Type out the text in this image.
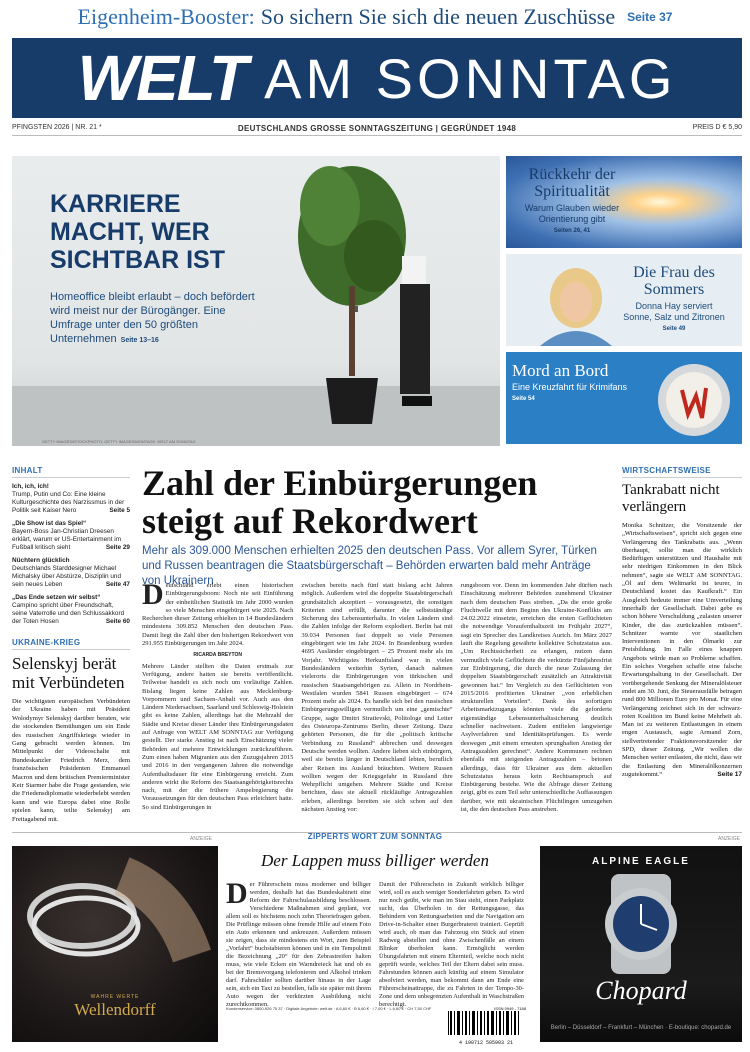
Eigenheim-Booster: So sichern Sie sich die neuen Zuschüsse Seite 37
WELT AM SONNTAG
PFINGSTEN 2026 | NR. 21 *	DEUTSCHLANDS GROSSE SONNTAGSZEITUNG | GEGRÜNDET 1948	PREIS D € 5,90
KARRIERE MACHT, WER SICHTBAR IST

Homeoffice bleibt erlaubt – doch befördert wird meist nur der Bürogänger. Eine Umfrage unter den 50 größten Unternehmen Seite 13–16

GETTY IMAGES/ISTOCKPHOTO; GETTY IMAGES/MONTAGE: WELT AM SONNTAG
Rückkehr der Spiritualität
Warum Glauben wieder Orientierung gibt
Seiten 26, 41
Die Frau des Sommers
Donna Hay serviert Sonne, Salz und Zitronen
Seite 49
Mord an Bord
Eine Kreuzfahrt für Krimifans
Seite 54
INHALT
Ich, ich, ich!
Trump, Putin und Co: Eine kleine Kulturgeschichte des Narzissmus in der Politik seit Kaiser Nero	Seite 5
„Die Show ist das Spiel“
Bayern-Boss Jan-Christian Dreesen erklärt, warum er US-Entertainment im Fußball kritisch sieht	Seite 29
Nüchtern glücklich
Deutschlands Starddesigner Michael Michalsky über Abstürze, Disziplin und sein neues Leben	Seite 47
„Das Ende setzen wir selbst“
Campino spricht über Freundschaft, seine Vaterrolle und den Schlussakkord der Toten Hosen	Seite 60
UKRAINE-KRIEG
Selenskyj berät mit Verbündeten
Die wichtigsten europäischen Verbündeten der Ukraine haben mit Präsident Wolodymyr Selenskyj darüber beraten, wie die stockenden Bemühungen um ein Ende des russischen Angriffskriegs wieder in Gang gebracht werden können. Im Mittelpunkt der Videoschalte mit Bundeskanzler Friedrich Merz, dem französischen Präsidenten Emmanuel Macron und dem britischen Premierminister Keir Starmer habe die Frage gestanden, wie die Friedensdiplomatie wiederbelebt werden kann und wie Europa dabei eine Rolle spielen kann, teilte Selenskyj am Freitagabend mit.
Zahl der Einbürgerungen steigt auf Rekordwert
Mehr als 309.000 Menschen erhielten 2025 den deutschen Pass. Vor allem Syrer, Türken und Russen beantragen die Staatsbürgerschaft – Behörden erwarten bald mehr Anträge von Ukrainern
Deutschland erlebt einen historischen Einbürgerungsboom: Noch nie seit Einführung der einheitlichen Statistik im Jahr 2000 wurden so viele Menschen eingebürgert wie 2025. Nach Recherchen dieser Zeitung erhielten in 14 Bundesländern mindestens 309.852 Menschen den deutschen Pass. Damit liegt die Zahl über den bisherigen Rekordwert von 291.955 Einbürgerungen im Jahr 2024.
RICARDA BREYTON
Mehrere Länder stellten die Daten erstmals zur Verfügung, andere hatten sie bereits veröffentlicht. Teilweise handelt es sich noch um vorläufige Zahlen. Bislang liegen keine Zahlen aus Mecklenburg-Vorpommern und Sachsen-Anhalt vor. Auch aus den Ländern Niedersachsen, Saarland und Schleswig-Holstein gibt es keine Zahlen, allerdings hat die Mehrzahl der Städte und Kreise dieser Länder ihre Einbürgerungsdaten auf Anfrage von WELT AM SONNTAG zur Verfügung gestellt. Der starke Anstieg ist nach Einschätzung vieler Behörden auf mehrere Entwicklungen zurückzuführen. Zum einen haben Migranten aus den Zuzugsjahren 2015 und 2016 in den vergangenen Jahren die notwendige Aufenthaltsdauer für eine Einbürgerung erreicht. Zum anderen wirkt die Reform des Staatsangehörigkeitsrechts nach, mit der die frühere Ampelregierung die Voraussetzungen für den deutschen Pass erleichtert hatte. So sind Einbürgerungen in
zwischen bereits nach fünf statt bislang acht Jahren möglich. Außerdem wird die doppelte Staatsbürgerschaft grundsätzlich akzeptiert – vorausgesetzt, die sonstigen Kriterien sind erfüllt, darunter die selbstständige Sicherung des Lebensunterhalts. In vielen Ländern sind die Zahlen infolge der Reform explodiert. Berlin hat mit 39.034 Personen fast doppelt so viele Personen eingebürgert wie im Jahr 2024. In Brandenburg wurden 4695 Ausländer eingebürgert – 25 Prozent mehr als im Vorjahr. Wichtigstes Herkunftsland war in vielen Bundesländern weiterhin Syrien, danach nahmen vielerorts die Einbürgerungen von türkischen und russischen Staatsangehörigen zu. Allein in Nordrhein-Westfalen wurden 5841 Russen eingebürgert – 674 Prozent mehr als 2024. Es handle sich bei den russischen Einbürgerungswilligen vermutlich um eine „gemischte“ Gruppe, sagte Dmitri Stratievski, Politologe und Leiter des Osteuropa-Zentrums Berlin, dieser Zeitung. Dazu gehörten Personen, die für die „politisch kritische Verbindung zu Russland“ abbrechen und deswegen Deutsche werden wollten. Andere lieben sich einbürgern, weil sie bereits länger in Deutschland lebten, beruflich aber Reisen ins Ausland bräuchten. Weitere Russen wollten wegen der Kriegsgefahr in Russland ihre Wehrpflicht umgehen. Mehrere Städte und Kreise berichten, dass sie aktuell rückläufige Antragszahlen erleben, allerdings bereiten sie sich schon auf den nächsten Anstieg vor:
rungsboom vor. Denn im kommenden Jahr dürften nach Einschätzung mehrerer Behörden zunehmend Ukrainer nach dem deutschen Pass streben. „Da die erste große Fluchtwelle mit dem Beginn des Ukraine-Konflikts am 24.02.2022 einsetzte, erreichen die ersten Geflüchteten die notwendige Voraufenthaltszeit im Frühjahr 2027“, sagt ein Sprecher des Landkreises Aurich. Im März 2027 lauft die Regelung gewährte kollektive Schutzstatus aus. „Um Rechtssicherheit zu erlangen, nutzen dann vermutlich viele Geflüchtete die verkürzte Fünfjahresfrist zur Einbürgerung, die durch die neue Zulassung der doppelten Staatsbürgerschaft zusätzlich an Attraktivität gewonnen hat.“ Im Vergleich zu den Geflüchteten von 2015/2016 profitierten Ukrainer „von erheblichen strukturellen Vorteilen“. Dank des sofortigen Arbeitsmarktzugangs könnten viele die geforderte eigenständige Lebensunterhaltssicherung deutlich schneller nachweisen. Zudem entfielen langwierige Asylverfahren und Identitätsprüfungen. Es werde deswegen „mit einem erneuten sprunghaften Anstieg der Antragszahlen gerechnet“. Andere Kommunen rechnen ebenfalls mit steigenden Antragszahlen – betonen allerdings, dass für Ukrainer aus dem aktuellen Schutzstatus heraus kein Rechtsanspruch auf Einbürgerung bestehe. Wie die Abfrage dieser Zeitung zeigt, gibt es zum Teil sehr unterschiedliche Auffassungen darüber, wie mit ukrainischen Flüchtlingen umzugehen ist, die den deutschen Pass anstreben.
WIRTSCHAFTSWEISE
Tankrabatt nicht verlängern
Monika Schnitzer, die Vorsitzende der „Wirtschaftsweisen“, spricht sich gegen eine Verlängerung des Tankrabatts aus. „Wenn überhaupt, sollte man die wirklich Bedürftigen unterstützen und Haushalte mit sehr niedrigen Einkommen in den Blick nehmen“, sagte sie WELT AM SONNTAG. „Öl auf dem Weltmarkt ist teurer, in Deutschland kostet das Kaufkraft.“ Ein Ausgleich bedeute immer eine Umverteilung innerhalb der Gesellschaft. Dabei gebe es schon höhere Verschuldung „zulasten unserer Kinder, die das zurückzahlen müssen“. Schnitzer warnte vor staatlichen Interventionen in den Ölmarkt zur Preisbildung. Im Falle eines knappen Angebots würde man so Probleme schaffen. Ein solches Vorgehen schaffe eine falsche Erwartungshaltung in der Gesellschaft. Der vorübergehende Senkung der Mineralölsteuer endet am 30. Juni, die Steuerausfälle betragen rund 800 Millionen Euro pro Monat. Für eine Verlängerung zeichnet sich in der schwarz-roten Koalition im Bund keine Mehrheit ab. Man ist zu weiteren Entlastungen in einem engen Austausch, sagte Armand Zorn, stellvertretender Fraktionsvorsitzender der SPD, dieser Zeitung. „Wir wollen die Menschen weiter entlasten, die nicht, dass wir die Entlastung den Mineralölkonzernen zugutekommt.“	Seite 17
ANZEIGE
WAHRE WERTE
Wellendorff
ZIPPERTS WORT ZUM SONNTAG
Der Lappen muss billiger werden
Der Führerschein muss moderner und billiger werden, deshalb hat das Bundeskabinett eine Reform der Fahrschulausbildung beschlossen. Verschiedene Maßnahmen sind geplant, vor allem soll es höchstens noch zehn Theoriefragen geben. Die Prüflinge müssen ohne fremde Hilfe auf einem Foto ein Auto erkennen und ankreuzen. Außerdem müssen sie zeigen, dass sie mindestens ein Wort, zum Beispiel „Vorfahrt“ buchstabieren können und in ein Tempolimit die Bezeichnung „20“ für den Zebrastreifen halten muss, wie viele Ecken ein Warndreieck hat und ob es bei der Bremsvorgang telefonieren und Alkohol trinken darf. Fahrschüler sollten darüber hinaus in der Lage sein, sich ein Taxi zu bestellen, falls sie später mit ihrem Auto wegen der verkürzten Ausbildung nicht zurechtkommen.
Damit der Führerschein in Zukunft wirklich billiger wird, soll es auch weniger Sonderfahrten geben. Es wird nur noch geübt, wie man im Stau steht, einen Parkplatz sucht, das Überholen in der Rettungsgasse, das Behindern von Rettungsarbeiten und die Navigation am Drive-in-Schalter einer Burgerbraterei trainiert. Geprüft wird auch, ob man das Fahrzeug ein Stück auf einen Radweg abstellen und ohne Zwischenfälle an einem Blinker überholen kann. Ermöglicht werden Übungsfahrten mit einem Elternteil, welche noch nicht geprüft wurde, welches Teil der Eltern dabei sein muss. Fahrstunden können auch künftig auf einem Simulator absolviert werden, man bekommt dann am Ende eine Führerscheinattrappe, die zu Fahrten in der Tempo-30-Zone und dem unbegrenzten Aufenthalt in Waschstraßen berechtigt.
Kundenservice: 0800-926 75 37 · Digitale Angebote: welt.de · A 6,60 € · B 6,60 € · I 7,00 € · L 6,60 € · CH 7,50 CHF	ISSN 0949 - 7188
4 190712 505903 21
ANZEIGE
ALPINE EAGLE
Chopard
Berlin – Düsseldorf – Frankfurt – München · E-boutique: chopard.de
